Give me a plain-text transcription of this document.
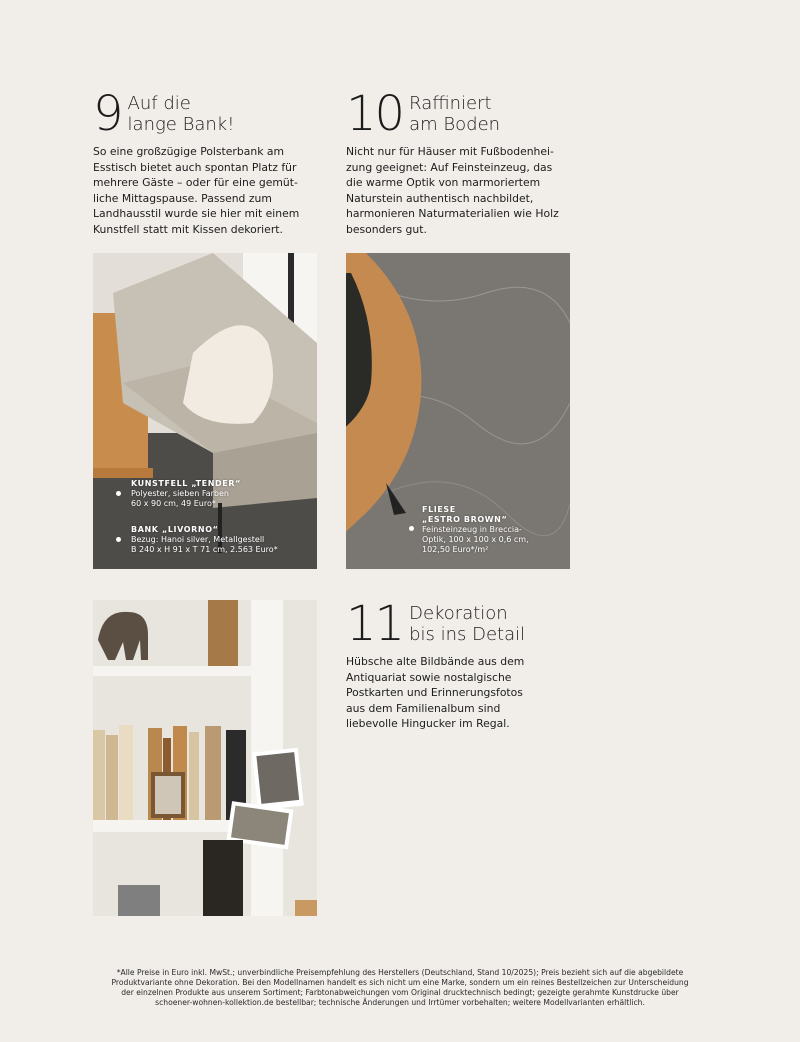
9 Auf die
lange Bank!
So eine großzügige Polsterbank am
Esstisch bietet auch spontan Platz für
mehrere Gäste – oder für eine gemüt-
liche Mittagspause. Passend zum
Landhausstil wurde sie hier mit einem
Kunstfell statt mit Kissen dekoriert.
10 Raffiniert
am Boden
Nicht nur für Häuser mit Fußbodenhei-
zung geeignet: Auf Feinsteinzeug, das
die warme Optik von marmoriertem
Naturstein authentisch nachbildet,
harmonieren Naturmaterialien wie Holz
besonders gut.
KUNSTFELL „TENDER“
Polyester, sieben Farben
60 x 90 cm, 49 Euro*
BANK „LIVORNO“
Bezug: Hanoi silver, Metallgestell
B 240 x H 91 x T 71 cm, 2.563 Euro*
FLIESE
„ESTRO BROWN“
Feinsteinzeug in Breccia-
Optik, 100 x 100 x 0,6 cm,
102,50 Euro*/m²
11 Dekoration
bis ins Detail
Hübsche alte Bildbände aus dem
Antiquariat sowie nostalgische
Postkarten und Erinnerungsfotos
aus dem Familienalbum sind
liebevolle Hingucker im Regal.
*Alle Preise in Euro inkl. MwSt.; unverbindliche Preisempfehlung des Herstellers (Deutschland, Stand 10/2025); Preis bezieht sich auf die abgebildete
Produktvariante ohne Dekoration. Bei den Modellnamen handelt es sich nicht um eine Marke, sondern um ein reines Bestellzeichen zur Unterscheidung
der einzelnen Produkte aus unserem Sortiment; Farbtonabweichungen vom Original drucktechnisch bedingt; gezeigte gerahmte Kunstdrucke über
schoener-wohnen-kollektion.de bestellbar; technische Änderungen und Irrtümer vorbehalten; weitere Modellvarianten erhältlich.
